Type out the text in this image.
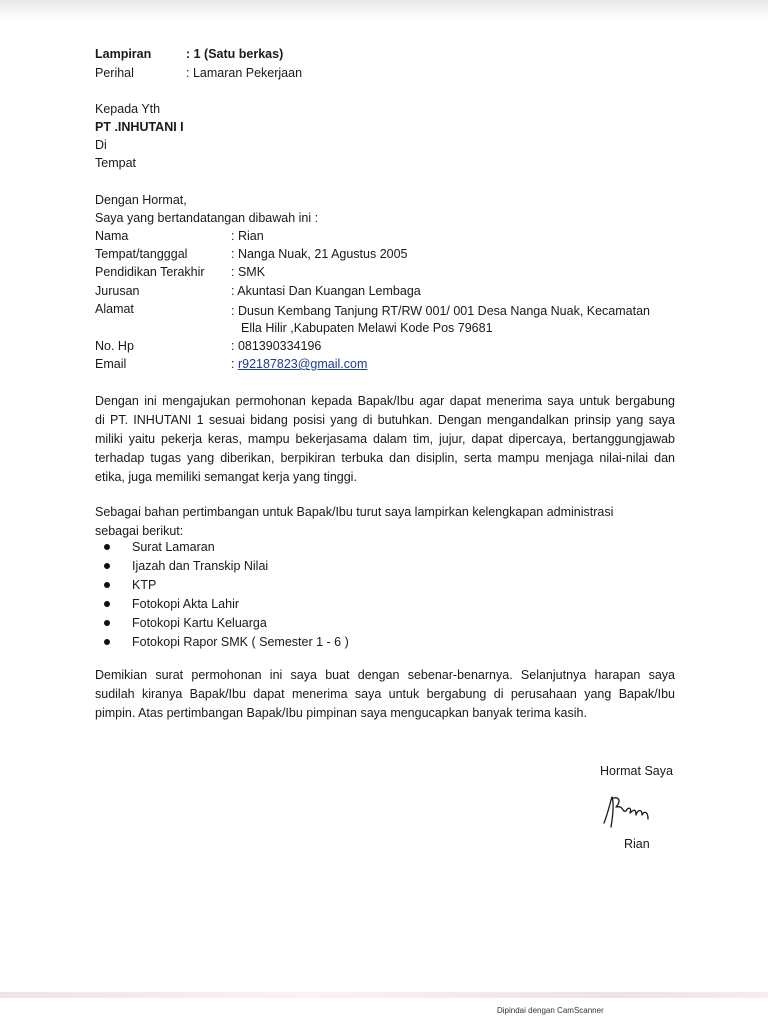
Lampiran	: 1 (Satu berkas)
Perihal	: Lamaran Pekerjaan
Kepada Yth
PT .INHUTANI I
Di
Tempat
Dengan Hormat,
Saya yang bertandatangan dibawah ini :
Nama	: Rian
Tempat/tangggal	: Nanga Nuak, 21 Agustus 2005
Pendidikan Terakhir : SMK
Jurusan	: Akuntasi Dan Kuangan Lembaga
Alamat	: Dusun Kembang Tanjung RT/RW 001/ 001 Desa Nanga Nuak, Kecamatan
Ella Hilir ,Kabupaten Melawi Kode Pos 79681
No. Hp	: 081390334196
Email	: r92187823@gmail.com
Dengan ini mengajukan permohonan kepada Bapak/Ibu agar dapat menerima saya untuk bergabung
di PT. INHUTANI 1 sesuai bidang posisi yang di butuhkan. Dengan mengandalkan prinsip yang saya
miliki yaitu pekerja keras, mampu bekerjasama dalam tim, jujur, dapat dipercaya, bertanggungjawab
terhadap tugas yang diberikan, berpikiran terbuka dan disiplin, serta mampu menjaga nilai-nilai dan
etika, juga memiliki semangat kerja yang tinggi.
Sebagai bahan pertimbangan untuk Bapak/Ibu turut saya lampirkan kelengkapan administrasi
sebagai berikut:
Surat Lamaran
Ijazah dan Transkip Nilai
KTP
Fotokopi Akta Lahir
Fotokopi Kartu Keluarga
Fotokopi Rapor SMK ( Semester 1 - 6 )
Demikian surat permohonan ini saya buat dengan sebenar-benarnya. Selanjutnya harapan saya
sudilah kiranya Bapak/Ibu dapat menerima saya untuk bergabung di perusahaan yang Bapak/Ibu
pimpin. Atas pertimbangan Bapak/Ibu pimpinan saya mengucapkan banyak terima kasih.
Hormat Saya
Rian
Dipindai dengan CamScanner
